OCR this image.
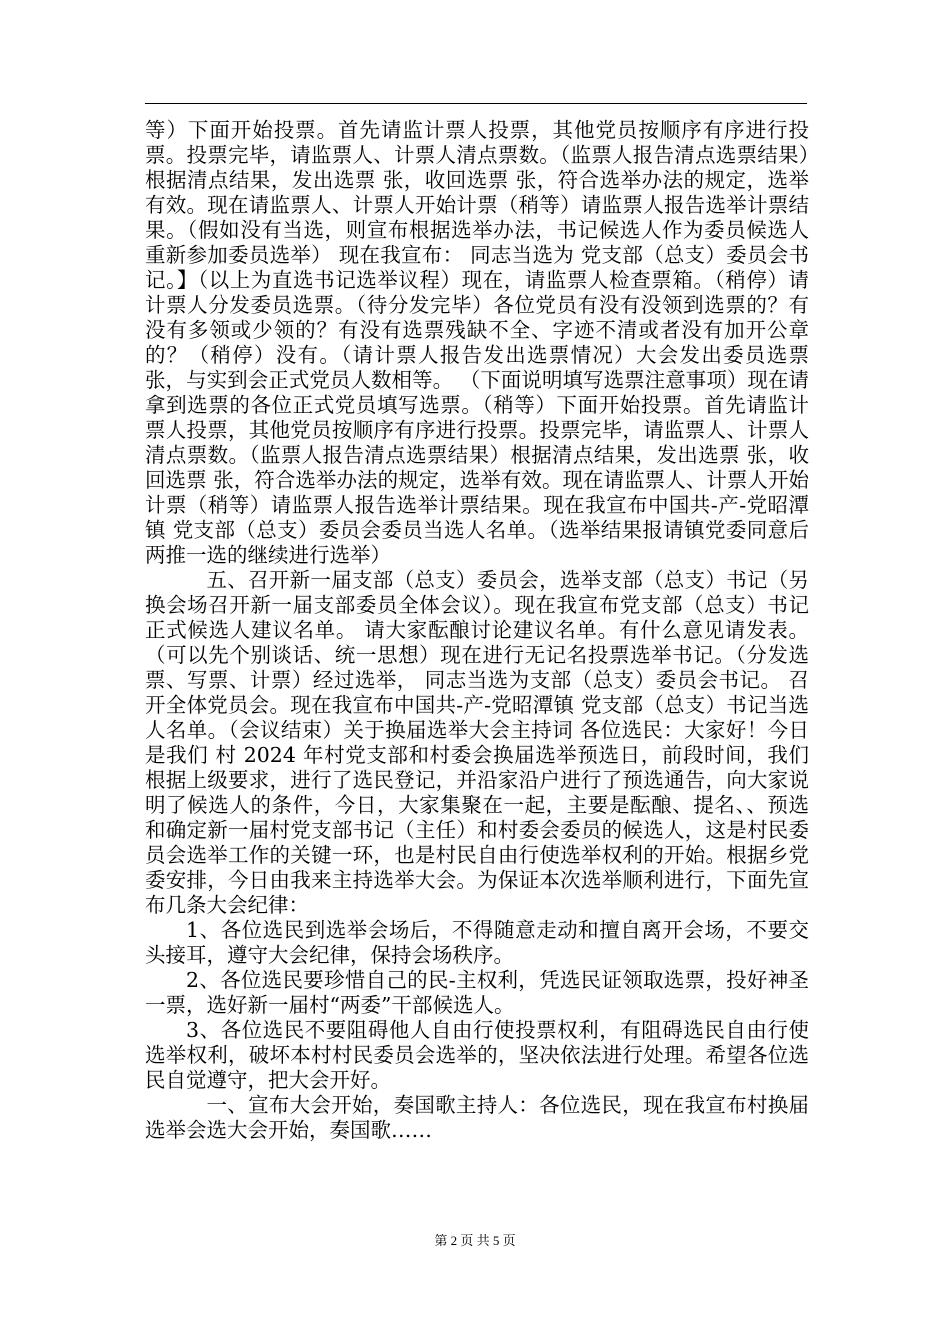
等）下面开始投票。首先请监计票人投票，其他党员按顺序有序进行投票。投票完毕，请监票人、计票人清点票数。（监票人报告清点选票结果）根据清点结果，发出选票 张，收回选票 张，符合选举办法的规定，选举有效。现在请监票人、计票人开始计票（稍等）请监票人报告选举计票结果。（假如没有当选，则宣布根据选举办法，书记候选人作为委员候选人重新参加委员选举） 现在我宣布： 同志当选为 党支部（总支）委员会书记。】（以上为直选书记选举议程）现在，请监票人检查票箱。（稍停）请计票人分发委员选票。（待分发完毕）各位党员有没有没领到选票的？有没有多领或少领的？有没有选票残缺不全、字迹不清或者没有加开公章的？（稍停）没有。（请计票人报告发出选票情况）大会发出委员选票 张，与实到会正式党员人数相等。 （下面说明填写选票注意事项）现在请拿到选票的各位正式党员填写选票。（稍等）下面开始投票。首先请监计票人投票，其他党员按顺序有序进行投票。投票完毕，请监票人、计票人清点票数。（监票人报告清点选票结果）根据清点结果，发出选票 张，收回选票 张，符合选举办法的规定，选举有效。现在请监票人、计票人开始计票（稍等）请监票人报告选举计票结果。现在我宣布中国共-产-党昭潭镇 党支部（总支）委员会委员当选人名单。（选举结果报请镇党委同意后两推一选的继续进行选举）

五、召开新一届支部（总支）委员会，选举支部（总支）书记（另换会场召开新一届支部委员全体会议）。现在我宣布党支部（总支）书记正式候选人建议名单。 请大家酝酿讨论建议名单。有什么意见请发表。（可以先个别谈话、统一思想）现在进行无记名投票选举书记。（分发选票、写票、计票）经过选举， 同志当选为支部（总支）委员会书记。 召开全体党员会。现在我宣布中国共-产-党昭潭镇 党支部（总支）书记当选人名单。（会议结束）关于换届选举大会主持词 各位选民：大家好！今日是我们 村 2024 年村党支部和村委会换届选举预选日，前段时间，我们根据上级要求，进行了选民登记，并沿家沿户进行了预选通告，向大家说明了候选人的条件，今日，大家集聚在一起，主要是酝酿、提名、、预选和确定新一届村党支部书记（主任）和村委会委员的候选人，这是村民委员会选举工作的关键一环，也是村民自由行使选举权利的开始。根据乡党委安排，今日由我来主持选举大会。为保证本次选举顺利进行，下面先宣布几条大会纪律：

1、各位选民到选举会场后，不得随意走动和擅自离开会场，不要交头接耳，遵守大会纪律，保持会场秩序。

2、各位选民要珍惜自己的民-主权利，凭选民证领取选票，投好神圣一票，选好新一届村“两委”干部候选人。

3、各位选民不要阻碍他人自由行使投票权利，有阻碍选民自由行使选举权利，破坏本村村民委员会选举的，坚决依法进行处理。希望各位选民自觉遵守，把大会开好。

一、宣布大会开始，奏国歌主持人：各位选民，现在我宣布村换届选举会选大会开始，奏国歌……

第 2 页 共 5 页
